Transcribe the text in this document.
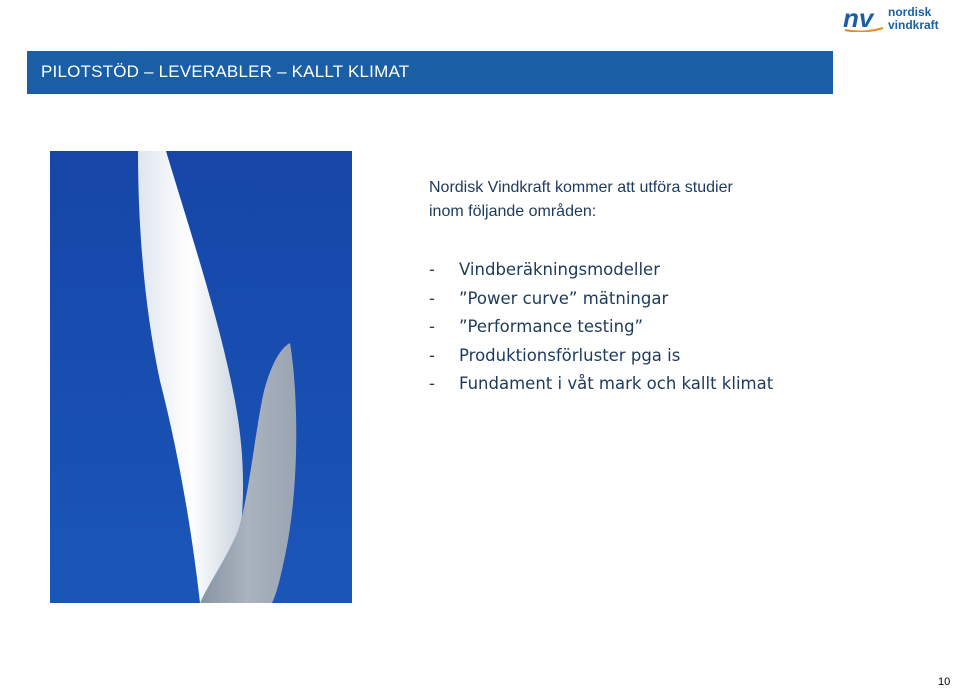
nv nordisk
vindkraft
PILOTSTÖD – LEVERABLER – KALLT KLIMAT
Nordisk Vindkraft kommer att utföra studier
inom följande områden:
- Vindberäkningsmodeller
- ”Power curve” mätningar
- ”Performance testing”
- Produktionsförluster pga is
- Fundament i våt mark och kallt klimat
10
